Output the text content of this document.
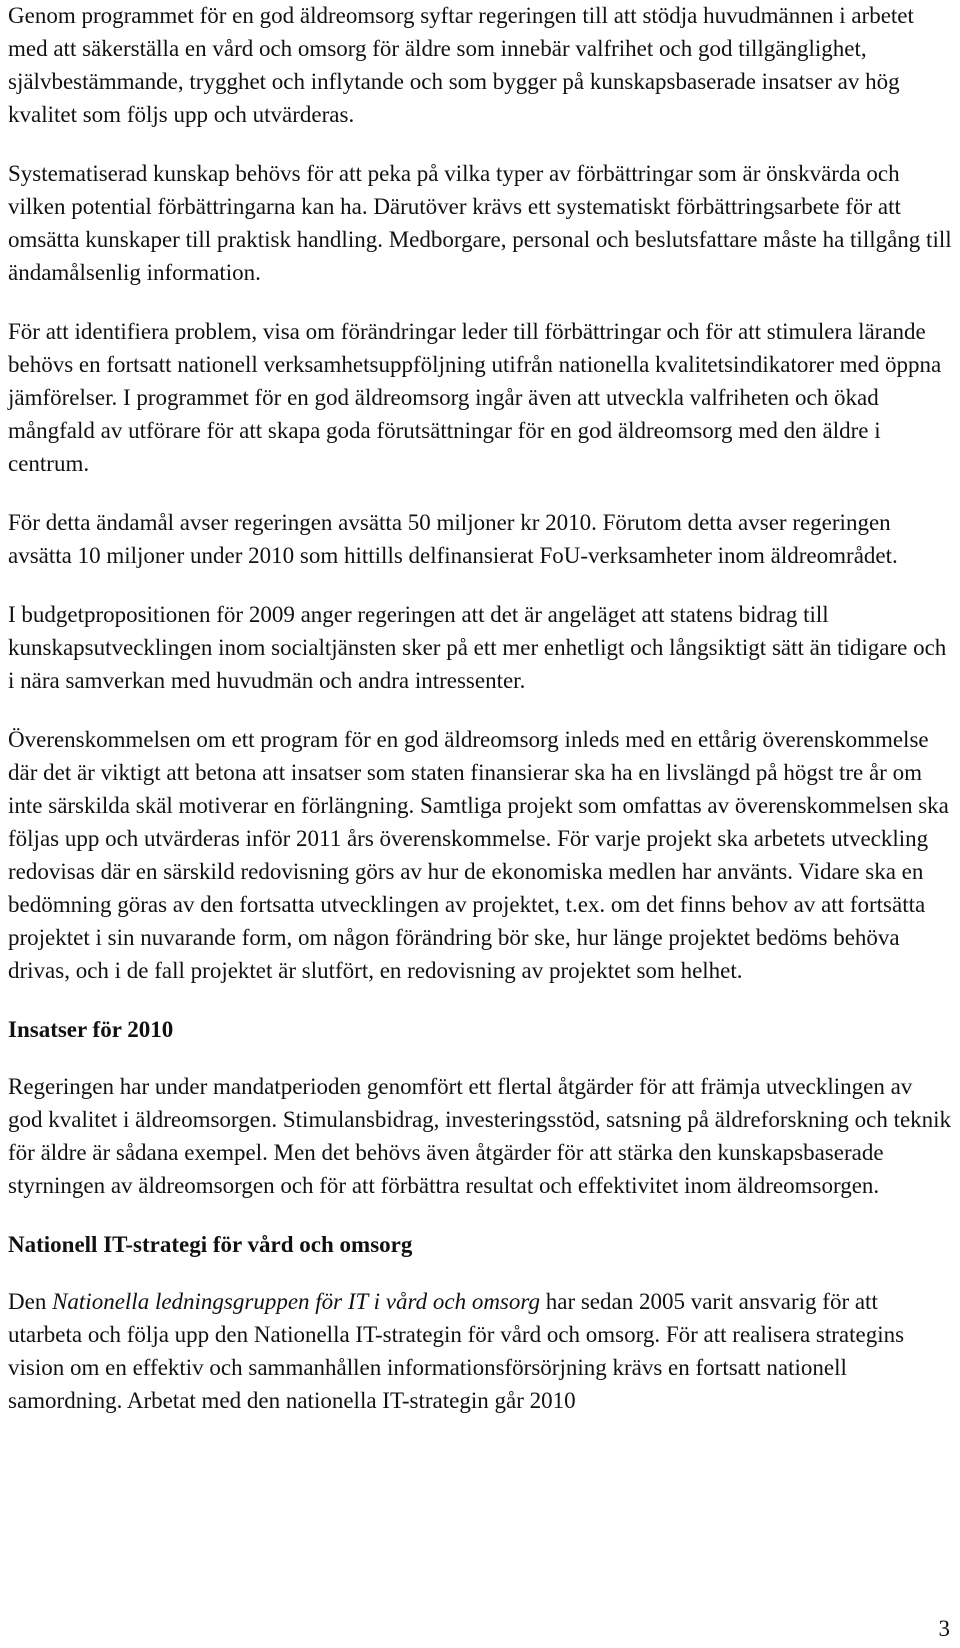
Genom programmet för en god äldreomsorg syftar regeringen till att stödja huvudmännen i arbetet med att säkerställa en vård och omsorg för äldre som innebär valfrihet och god tillgänglighet, självbestämmande, trygghet och inflytande och som bygger på kunskapsbaserade insatser av hög kvalitet som följs upp och utvärderas.

Systematiserad kunskap behövs för att peka på vilka typer av förbättringar som är önskvärda och vilken potential förbättringarna kan ha. Därutöver krävs ett systematiskt förbättringsarbete för att omsätta kunskaper till praktisk handling. Medborgare, personal och beslutsfattare måste ha tillgång till ändamålsenlig information.

För att identifiera problem, visa om förändringar leder till förbättringar och för att stimulera lärande behövs en fortsatt nationell verksamhetsuppföljning utifrån nationella kvalitetsindikatorer med öppna jämförelser. I programmet för en god äldreomsorg ingår även att utveckla valfriheten och ökad mångfald av utförare för att skapa goda förutsättningar för en god äldreomsorg med den äldre i centrum.

För detta ändamål avser regeringen avsätta 50 miljoner kr 2010. Förutom detta avser regeringen avsätta 10 miljoner under 2010 som hittills delfinansierat FoU-verksamheter inom äldreområdet.

I budgetpropositionen för 2009 anger regeringen att det är angeläget att statens bidrag till kunskapsutvecklingen inom socialtjänsten sker på ett mer enhetligt och långsiktigt sätt än tidigare och i nära samverkan med huvudmän och andra intressenter.

Överenskommelsen om ett program för en god äldreomsorg inleds med en ettårig överenskommelse där det är viktigt att betona att insatser som staten finansierar ska ha en livslängd på högst tre år om inte särskilda skäl motiverar en förlängning. Samtliga projekt som omfattas av överenskommelsen ska följas upp och utvärderas inför 2011 års överenskommelse. För varje projekt ska arbetets utveckling redovisas där en särskild redovisning görs av hur de ekonomiska medlen har använts. Vidare ska en bedömning göras av den fortsatta utvecklingen av projektet, t.ex. om det finns behov av att fortsätta projektet i sin nuvarande form, om någon förändring bör ske, hur länge projektet bedöms behöva drivas, och i de fall projektet är slutfört, en redovisning av projektet som helhet.

Insatser för 2010

Regeringen har under mandatperioden genomfört ett flertal åtgärder för att främja utvecklingen av god kvalitet i äldreomsorgen. Stimulansbidrag, investeringsstöd, satsning på äldreforskning och teknik för äldre är sådana exempel. Men det behövs även åtgärder för att stärka den kunskapsbaserade styrningen av äldreomsorgen och för att förbättra resultat och effektivitet inom äldreomsorgen.

Nationell IT-strategi för vård och omsorg

Den Nationella ledningsgruppen för IT i vård och omsorg har sedan 2005 varit ansvarig för att utarbeta och följa upp den Nationella IT-strategin för vård och omsorg. För att realisera strategins vision om en effektiv och sammanhållen informationsförsörjning krävs en fortsatt nationell samordning. Arbetat med den nationella IT-strategin går 2010

3
